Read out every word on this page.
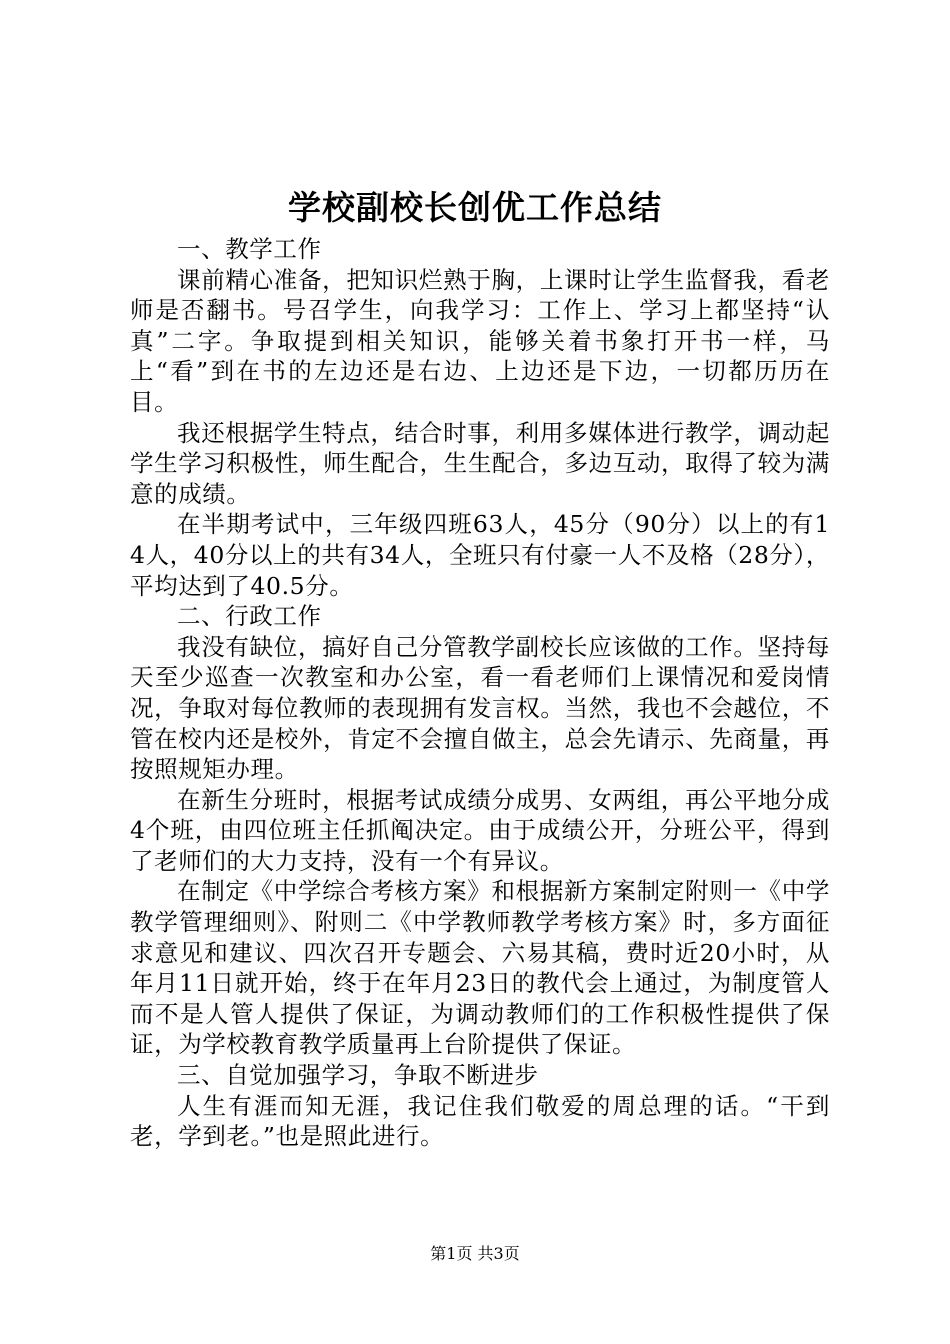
学校副校长创优工作总结

一、教学工作

课前精心准备，把知识烂熟于胸，上课时让学生监督我，看老师是否翻书。号召学生，向我学习：工作上、学习上都坚持“认真”二字。争取提到相关知识，能够关着书象打开书一样，马上“看”到在书的左边还是右边、上边还是下边，一切都历历在目。

我还根据学生特点，结合时事，利用多媒体进行教学，调动起学生学习积极性，师生配合，生生配合，多边互动，取得了较为满意的成绩。

在半期考试中，三年级四班63人，45分（90分）以上的有14人，40分以上的共有34人，全班只有付豪一人不及格（28分），平均达到了40.5分。

二、行政工作

我没有缺位，搞好自己分管教学副校长应该做的工作。坚持每天至少巡查一次教室和办公室，看一看老师们上课情况和爱岗情况，争取对每位教师的表现拥有发言权。当然，我也不会越位，不管在校内还是校外，肯定不会擅自做主，总会先请示、先商量，再按照规矩办理。

在新生分班时，根据考试成绩分成男、女两组，再公平地分成4个班，由四位班主任抓阄决定。由于成绩公开，分班公平，得到了老师们的大力支持，没有一个有异议。

在制定《中学综合考核方案》和根据新方案制定附则一《中学教学管理细则》、附则二《中学教师教学考核方案》时，多方面征求意见和建议、四次召开专题会、六易其稿，费时近20小时，从年月11日就开始，终于在年月23日的教代会上通过，为制度管人而不是人管人提供了保证，为调动教师们的工作积极性提供了保证，为学校教育教学质量再上台阶提供了保证。

三、自觉加强学习，争取不断进步

人生有涯而知无涯，我记住我们敬爱的周总理的话。“干到老，学到老。”也是照此进行。

第1页 共3页
